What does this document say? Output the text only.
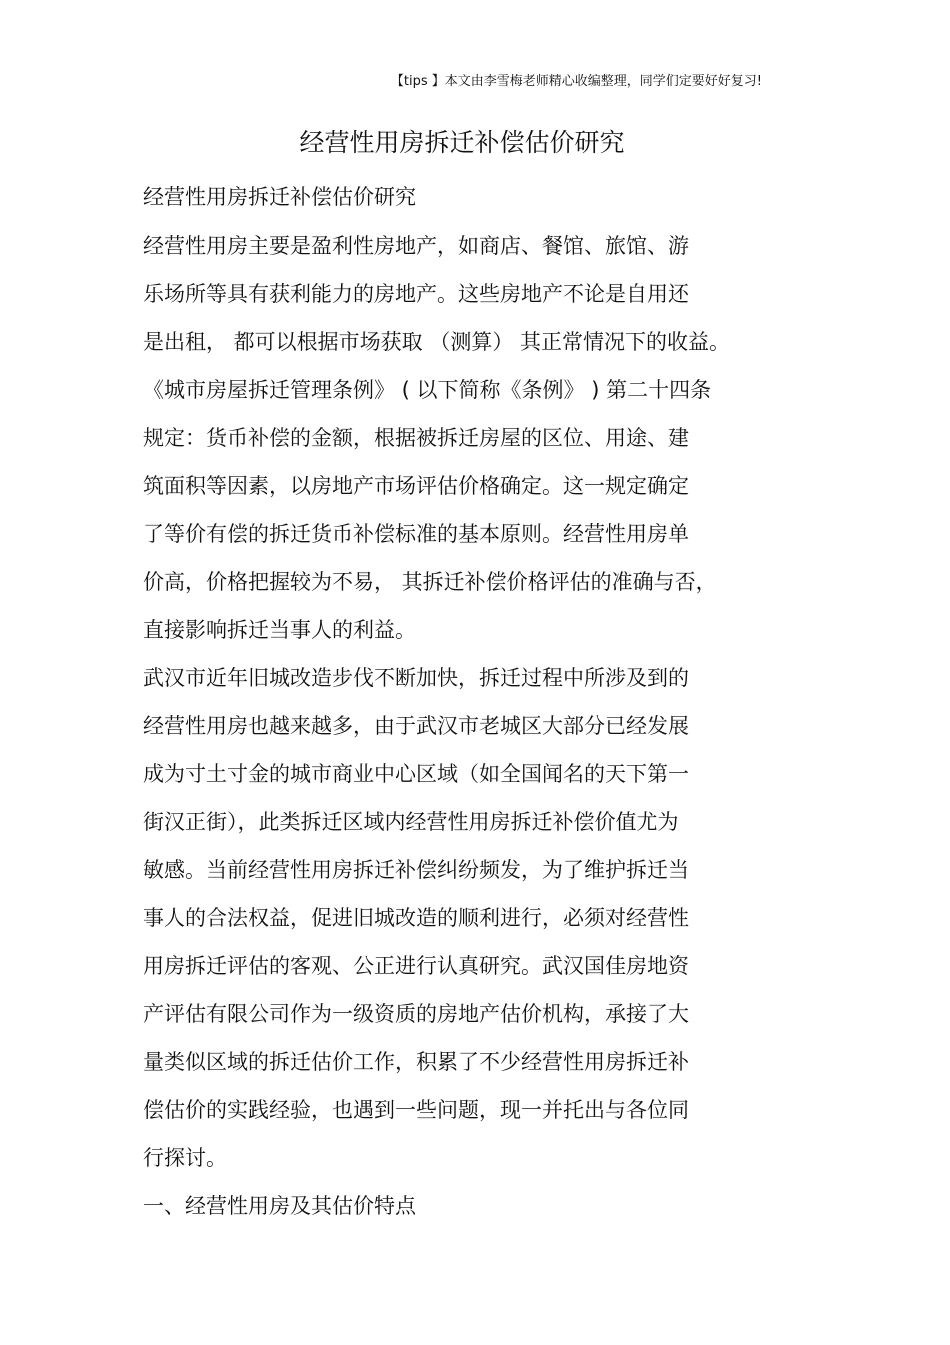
【tips 】本文由李雪梅老师精心收编整理，同学们定要好好复习!
经营性用房拆迁补偿估价研究
经营性用房拆迁补偿估价研究
经营性用房主要是盈利性房地产，如商店、餐馆、旅馆、游
乐场所等具有获利能力的房地产。这些房地产不论是自用还
是出租， 都可以根据市场获取 （测算） 其正常情况下的收益。
《城市房屋拆迁管理条例》 ( 以下简称《条例》 ) 第二十四条
规定：货币补偿的金额，根据被拆迁房屋的区位、用途、建
筑面积等因素，以房地产市场评估价格确定。这一规定确定
了等价有偿的拆迁货币补偿标准的基本原则。经营性用房单
价高，价格把握较为不易， 其拆迁补偿价格评估的准确与否，
直接影响拆迁当事人的利益。
武汉市近年旧城改造步伐不断加快，拆迁过程中所涉及到的
经营性用房也越来越多，由于武汉市老城区大部分已经发展
成为寸土寸金的城市商业中心区域（如全国闻名的天下第一
街汉正街），此类拆迁区域内经营性用房拆迁补偿价值尤为
敏感。当前经营性用房拆迁补偿纠纷频发，为了维护拆迁当
事人的合法权益，促进旧城改造的顺利进行，必须对经营性
用房拆迁评估的客观、公正进行认真研究。武汉国佳房地资
产评估有限公司作为一级资质的房地产估价机构，承接了大
量类似区域的拆迁估价工作，积累了不少经营性用房拆迁补
偿估价的实践经验，也遇到一些问题，现一并托出与各位同
行探讨。
一、经营性用房及其估价特点
